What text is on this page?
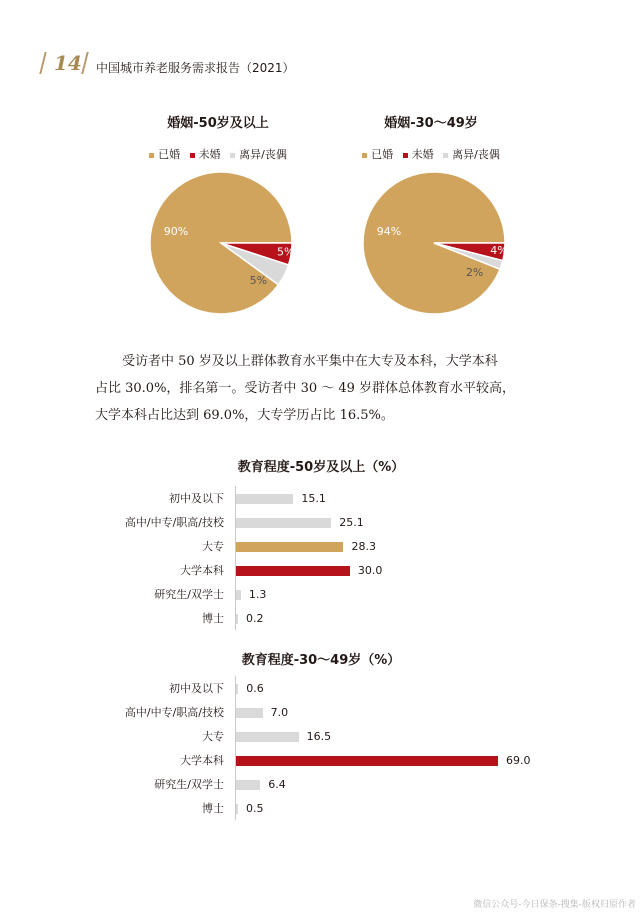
14 中国城市养老服务需求报告（2021）
婚姻-50岁及以上
已婚 未婚 离异/丧偶
90%
5%
5%
婚姻-30～49岁
已婚 未婚 离异/丧偶
94%
4%
2%
受访者中 50 岁及以上群体教育水平集中在大专及本科，大学本科
占比 30.0%，排名第一。受访者中 30 ～ 49 岁群体总体教育水平较高，
大学本科占比达到 69.0%，大专学历占比 16.5%。
教育程度-50岁及以上（%）
初中及以下	15.1
高中/中专/职高/技校	25.1
大专	28.3
大学本科	30.0
研究生/双学士 1.3
博士 0.2
教育程度-30～49岁（%）
初中及以下 0.6
高中/中专/职高/技校	7.0
大专	16.5
大学本科	69.0
研究生/双学士	6.4
博士 0.5
微信公众号-今日保条-搜集-版权归原作者
